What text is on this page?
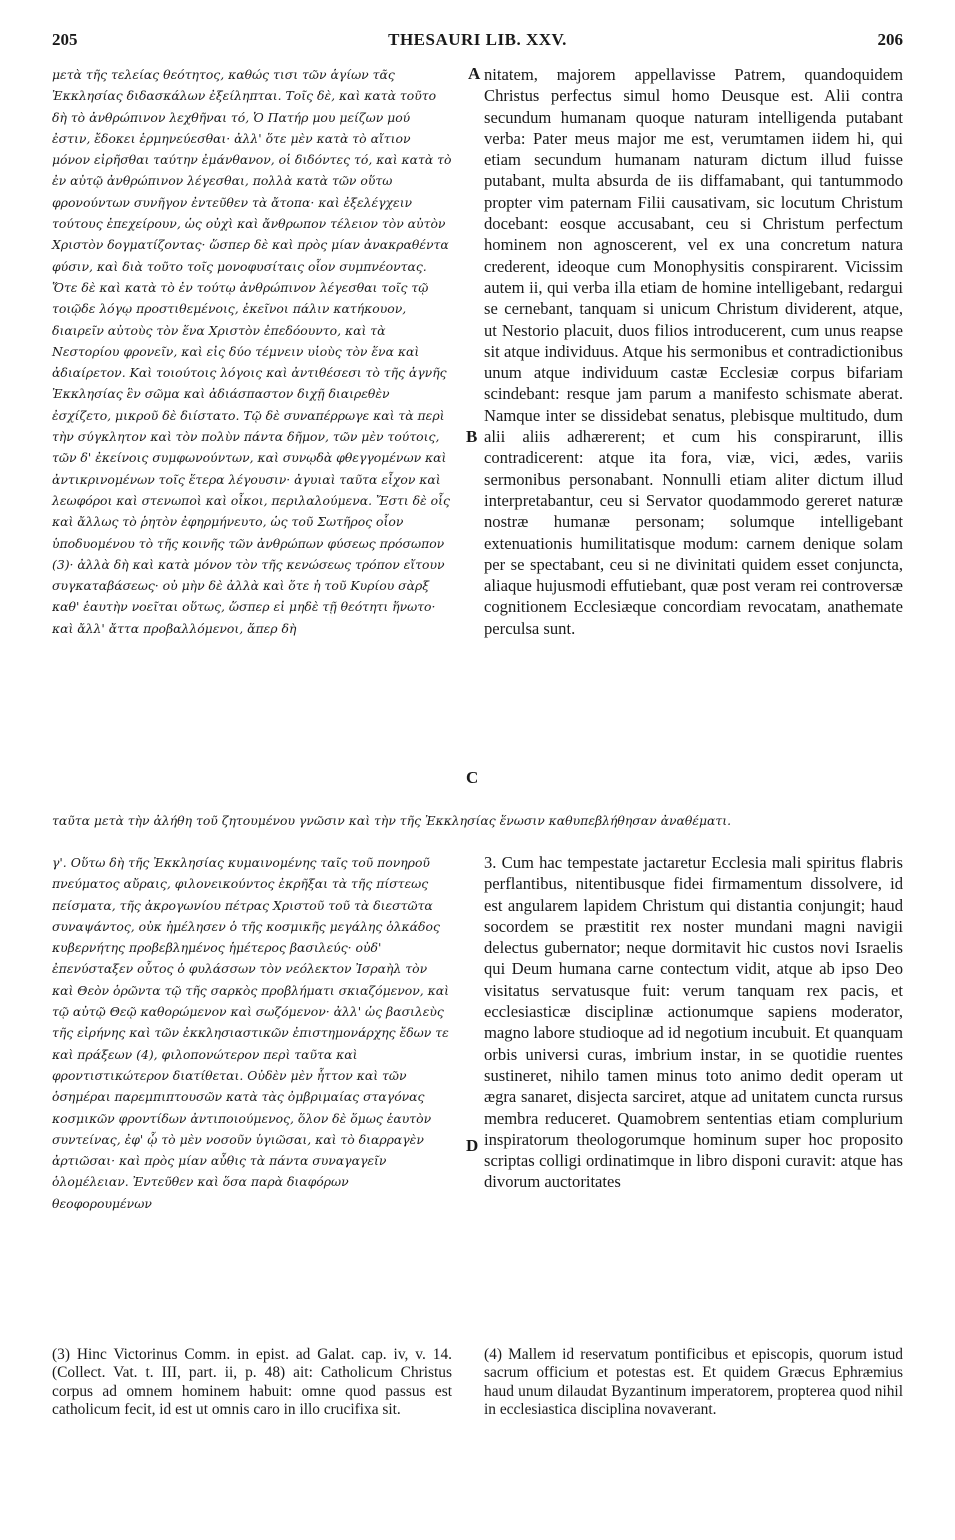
205	THESAURI LIB. XXV.	206

μετὰ τῆς τελείας θεότητος, καθώς τισι τῶν ἁγίων τᾶς Ἐκκλησίας διδασκάλων ἐξείληπται. Τοῖς δὲ, καὶ κατὰ τοῦτο δὴ τὸ ἀνθρώπινον λεχθῆναι τό, Ὁ Πατήρ μου μείζων μού ἐστιν, ἔδοκει ἑρμηνεύεσθαι· ἀλλ' ὅτε μὲν κατὰ τὸ αἴτιον μόνον εἰρῆσθαι ταύτην ἐμάνθανον, οἱ διδόντες τό, καὶ κατὰ τὸ ἐν αὐτῷ ἀνθρώπινον λέγεσθαι, πολλὰ κατὰ τῶν οὕτω φρονούντων συνῆγον ἐντεῦθεν τὰ ἄτοπα· καὶ ἐξελέγχειν τούτους ἐπεχείρουν, ὡς οὐχὶ καὶ ἄνθρωπον τέλειον τὸν αὐτὸν Χριστὸν δογματίζοντας· ὥσπερ δὲ καὶ πρὸς μίαν ἀνακραθέντα φύσιν, καὶ διὰ τοῦτο τοῖς μονοφυσίταις οἷον συμπνέοντας. Ὅτε δὲ καὶ κατὰ τὸ ἐν τούτῳ ἀνθρώπινον λέγεσθαι τοῖς τῷ τοιῷδε λόγῳ προστιθεμένοις, ἐκεῖνοι πάλιν κατήκουον, διαιρεῖν αὐτοὺς τὸν ἕνα Χριστὸν ἐπεδόουντο, καὶ τὰ Νεστορίου φρονεῖν, καὶ εἰς δύο τέμνειν υἱοὺς τὸν ἕνα καὶ ἀδιαίρετον. Καὶ τοιούτοις λόγοις καὶ ἀντιθέσεσι τὸ τῆς ἁγνῆς Ἐκκλησίας ἓν σῶμα καὶ ἀδιάσπαστον διχῇ διαιρεθὲν ἐσχίζετο, μικροῦ δὲ διίστατο. Τῷ δὲ συναπέρρωγε καὶ τὰ περὶ τὴν σύγκλητον καὶ τὸν πολὺν πάντα δῆμον, τῶν μὲν τούτοις, τῶν δ' ἐκείνοις συμφωνούντων, καὶ συνῳδὰ φθεγγομένων καὶ ἀντικρινομένων τοῖς ἕτερα λέγουσιν· ἀγυιαὶ ταῦτα εἶχον καὶ λεωφόροι καὶ στενωποὶ καὶ οἶκοι, περιλαλούμενα. Ἔστι δὲ οἷς καὶ ἄλλως τὸ ῥητὸν ἐφηρμήνευτο, ὡς τοῦ Σωτῆρος οἷον ὑποδυομένου τὸ τῆς κοινῆς τῶν ἀνθρώπων φύσεως πρόσωπον (3)· ἀλλὰ δὴ καὶ κατὰ μόνον τὸν τῆς κενώσεως τρόπον εἴτουν συγκαταβάσεως· οὐ μὴν δὲ ἀλλὰ καὶ ὅτε ἡ τοῦ Κυρίου σὰρξ καθ' ἑαυτὴν νοεῖται οὕτως, ὥσπερ εἰ μηδὲ τῇ θεότητι ἥνωτο· καὶ ἄλλ' ἄττα προβαλλόμενοι, ἅπερ δὴ

nitatem, majorem appellavisse Patrem, quandoquidem Christus perfectus simul homo Deusque est. Alii contra secundum humanam quoque naturam intelligenda putabant verba: Pater meus major me est, verumtamen iidem hi, qui etiam secundum humanam naturam dictum illud fuisse putabant, multa absurda de iis diffamabant, qui tantummodo propter vim paternam Filii causativam, sic locutum Christum docebant: eosque accusabant, ceu si Christum perfectum hominem non agnoscerent, vel ex una concretum natura crederent, ideoque cum Monophysitis conspirarent. Vicissim autem ii, qui verba illa etiam de homine intelligebant, redargui se cernebant, tanquam si unicum Christum dividerent, atque, ut Nestorio placuit, duos filios introducerent, cum unus reapse sit atque individuus. Atque his sermonibus et contradictionibus unum atque individuum castæ Ecclesiæ corpus bifariam scindebant: resque jam parum a manifesto schismate aberat. Namque inter se dissidebat senatus, plebisque multitudo, dum alii aliis adhærerent; et cum his conspirarunt, illis contradicerent: atque ita fora, viæ, vici, ædes, variis sermonibus personabant. Nonnulli etiam aliter dictum illud interpretabantur, ceu si Servator quodammodo gereret naturæ nostræ humanæ personam; solumque intelligebant extenuationis humilitatisque modum: carnem denique solam per se spectabant, ceu si ne divinitati quidem esset conjuncta, aliaque hujusmodi effutiebant, quæ post veram rei controversæ cognitionem Ecclesiæque concordiam revocatam, anathemate perculsa sunt.

A
B
C
D

ταῦτα μετὰ τὴν ἀλήθη τοῦ ζητουμένου γνῶσιν καὶ τὴν τῆς Ἐκκλησίας ἕνωσιν καθυπεβλήθησαν ἀναθέματι.

γ'. Οὕτω δὴ τῆς Ἐκκλησίας κυμαινομένης ταῖς τοῦ πονηροῦ πνεύματος αὔραις, φιλονεικούντος ἐκρῆξαι τὰ τῆς πίστεως πείσματα, τῆς ἀκρογωνίου πέτρας Χριστοῦ τοῦ τὰ διεστῶτα συναψάντος, οὐκ ἠμέλησεν ὁ τῆς κοσμικῆς μεγάλης ὁλκάδος κυβερνήτης προβεβλημένος ἡμέτερος βασιλεύς· οὐδ' ἐπενύσταξεν οὗτος ὁ φυλάσσων τὸν νεόλεκτον Ἰσραὴλ τὸν καὶ Θεὸν ὁρῶντα τῷ τῆς σαρκὸς προβλήματι σκιαζόμενον, καὶ τῷ αὐτῷ Θεῷ καθορώμενον καὶ σωζόμενον· ἀλλ' ὡς βασιλεὺς τῆς εἰρήνης καὶ τῶν ἐκκλησιαστικῶν ἐπιστημονάρχης ἔδων τε καὶ πράξεων (4), φιλοπονώτερον περὶ ταῦτα καὶ φροντιστικώτερον διατίθεται. Οὐδὲν μὲν ἧττον καὶ τῶν ὁσημέραι παρεμπιπτουσῶν κατὰ τὰς ὀμβριμαίας σταγόνας κοσμικῶν φροντίδων ἀντιποιούμενος, ὅλον δὲ ὅμως ἑαυτὸν συντείνας, ἐφ' ᾧ τὸ μὲν νοσοῦν ὑγιῶσαι, καὶ τὸ διαρραγὲν ἀρτιῶσαι· καὶ πρὸς μίαν αὖθις τὰ πάντα συναγαγεῖν ὁλομέλειαν. Ἐντεῦθεν καὶ ὅσα παρὰ διαφόρων θεοφορουμένων

3. Cum hac tempestate jactaretur Ecclesia mali spiritus flabris perflantibus, nitentibusque fidei firmamentum dissolvere, id est angularem lapidem Christum qui distantia conjungit; haud socordem se præstitit rex noster mundani magni navigii delectus gubernator; neque dormitavit hic custos novi Israelis qui Deum humana carne contectum vidit, atque ab ipso Deo visitatus servatusque fuit: verum tanquam rex pacis, et ecclesiasticæ disciplinæ actionumque sapiens moderator, magno labore studioque ad id negotium incubuit. Et quanquam orbis universi curas, imbrium instar, in se quotidie ruentes sustineret, nihilo tamen minus toto animo dedit operam ut ægra sanaret, disjecta sarciret, atque ad unitatem cuncta rursus membra reduceret. Quamobrem sententias etiam complurium inspiratorum theologorumque hominum super hoc proposito scriptas colligi ordinatimque in libro disponi curavit: atque has divorum auctoritates

(3) Hinc Victorinus Comm. in epist. ad Galat. cap. iv, v. 14. (Collect. Vat. t. III, part. ii, p. 48) ait: Catholicum Christus corpus ad omnem hominem habuit: omne quod passus est catholicum fecit, id est ut omnis caro in illo crucifixa sit.
(4) Mallem id reservatum pontificibus et episcopis, quorum istud sacrum officium et potestas est. Et quidem Græcus Ephræmius haud unum dilaudat Byzantinum imperatorem, propterea quod nihil in ecclesiastica disciplina novaverant.
